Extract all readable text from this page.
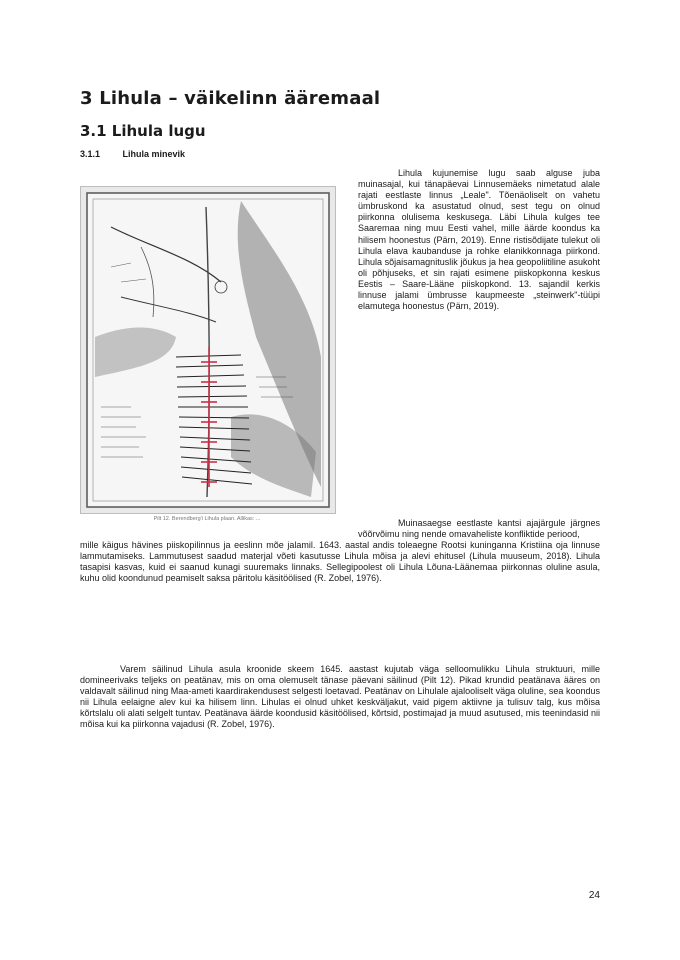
3 Lihula – väikelinn ääremaal
3.1 Lihula lugu
3.1.1 Lihula minevik
Pilt 12. Berendberg'i Lihula plaan. Allikas: ...

Lihula kujunemise lugu saab alguse juba muinasajal, kui tänapäevai Linnusemäeks nimetatud alale rajati eestlaste linnus „Leale". Tõenäoliselt on vahetu ümbruskond ka asustatud olnud, sest tegu on olnud piirkonna olulisema keskusega. Läbi Lihula kulges tee Saaremaa ning muu Eesti vahel, mille äärde koondus ka hilisem hoonestus (Pärn, 2019). Enne ristisõdijate tulekut oli Lihula elava kaubanduse ja rohke elanikkonnaga piirkond. Lihula sõjaisamagnituslik jõukus ja hea geopoliitiline asukoht oli põhjuseks, et sin rajati esimene piiskopkonna keskus Eestis – Saare-Lääne piiskopkond. 13. sajandil kerkis linnuse jalami ümbrusse kaupmeeste „steinwerk"-tüüpi elamutega hoonestus (Pärn, 2019).

Muinasaegse eestlaste kantsi ajajärgule järgnes võõrvõimu ning nende omavaheliste konfliktide periood,
mille käigus hävines piiskopilinnus ja eeslinn mõe jalamil. 1643. aastal andis toleaegne Rootsi kuninganna Kristiina oja linnuse lammutamiseks. Lammutusest saadud materjal võeti kasutusse Lihula mõisa ja alevi ehitusel (Lihula muuseum, 2018). Lihula tasapisi kasvas, kuid ei saanud kunagi suuremaks linnaks. Sellegipoolest oli Lihula Lõuna-Läänemaa piirkonnas oluline asula, kuhu olid koondunud peamiselt saksa päritolu käsitöölised (R. Zobel, 1976).

Varem säilinud Lihula asula kroonide skeem 1645. aastast kujutab väga selloomulikku Lihula struktuuri, mille domineerivaks teljeks on peatänav, mis on oma olemuselt tänase päevani säilinud (Pilt 12). Pikad krundid peatänava ääres on valdavalt säilinud ning Maa-ameti kaardirakendusest selgesti loetavad. Peatänav on Lihulale ajalooliselt väga oluline, sea koondus nii Lihula eelaigne alev kui ka hilisem linn. Lihulas ei olnud uhket keskväljakut, vaid pigem aktiivne ja tulisuv talg, kus mõisa kõrtslalu oli alati selgelt tuntav. Peatänava äärde koondusid käsitöölised, kõrtsid, postimajad ja muud asutused, mis teenindasid nii mõisa kui ka piirkonna vajadusi (R. Zobel, 1976).

24
